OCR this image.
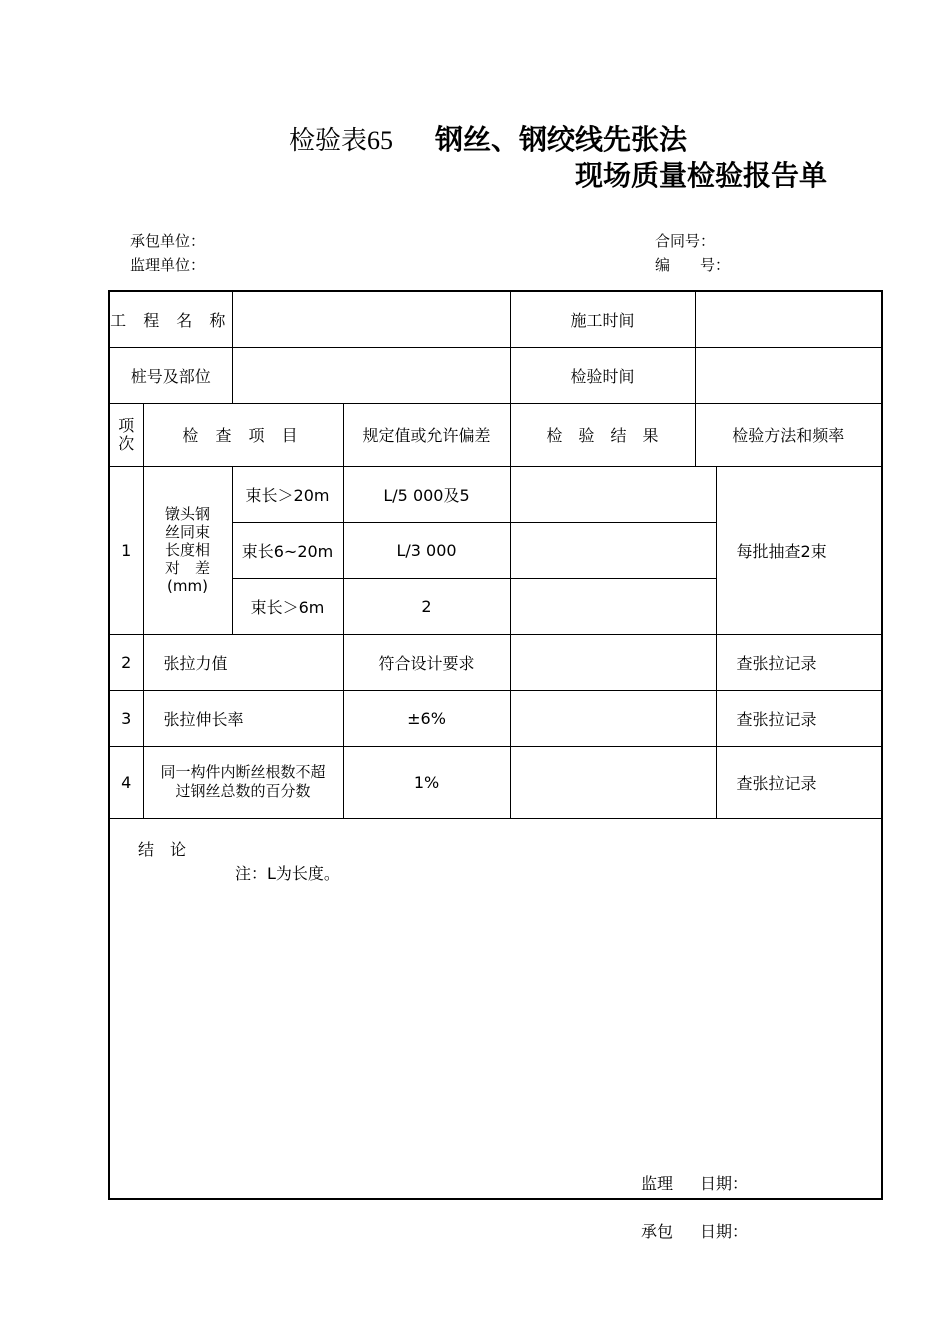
检验表65 钢丝、钢绞线先张法
现场质量检验报告单
承包单位：	合同号：
监理单位：	编　　号：
工 程 名 称				施工时间		
桩号及部位				检验时间		
项次	检 查 项 目		规定值或允许偏差	检　验　结　果	检验方法和频率	
1	镦头钢丝同束长度相对　差(mm)	束长＞20m	L/5 000及5			每批抽查2束
		束长6~20m	L/3 000			
		束长＞6m	2			
2	张拉力值		符合设计要求			查张拉记录
3	张拉伸长率		±6%			查张拉记录
4	同一构件内断丝根数不超过钢丝总数的百分数		1%			查张拉记录

结　论
注：L为长度。
监理 日期：						
承包 日期：
